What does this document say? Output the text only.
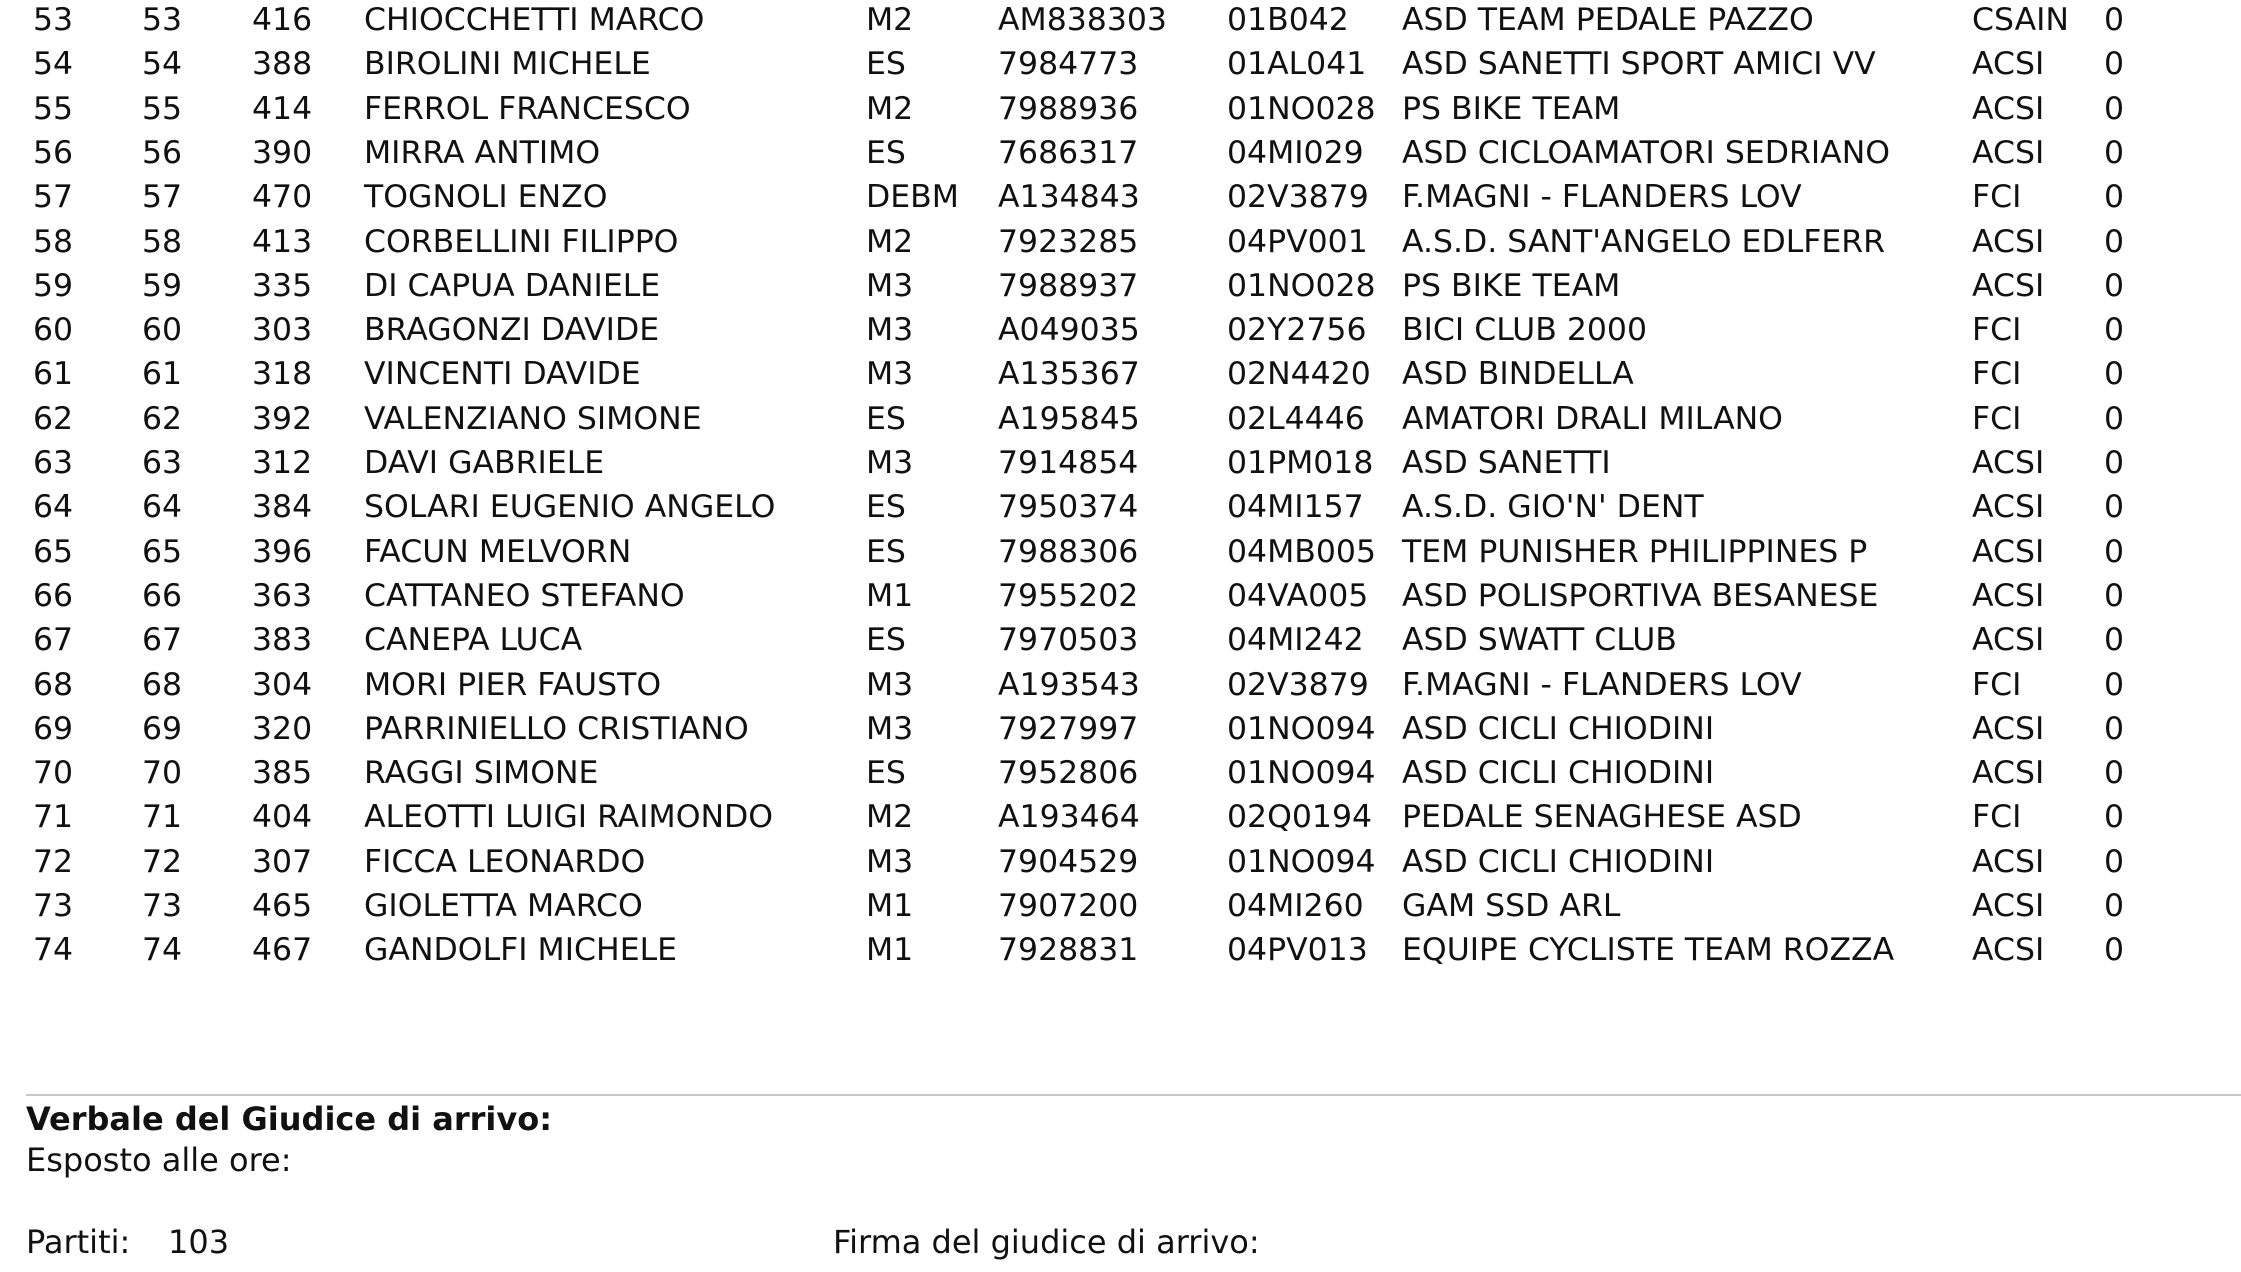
53 53 416 CHIOCCHETTI MARCO	M2	AM838303 01B042 ASD TEAM PEDALE PAZZO	CSAIN 0
54 54 388 BIROLINI MICHELE	ES	7984773	01AL041 ASD SANETTI SPORT AMICI VV	ACSI 0
55 55 414 FERROL FRANCESCO	M2	7988936	01NO028 PS BIKE TEAM	ACSI 0
56 56 390 MIRRA ANTIMO	ES	7686317	04MI029 ASD CICLOAMATORI SEDRIANO	ACSI 0
57 57 470 TOGNOLI ENZO	DEBM A134843	02V3879 F.MAGNI - FLANDERS LOV	FCI	0
58 58 413 CORBELLINI FILIPPO	M2	7923285	04PV001 A.S.D. SANT'ANGELO EDLFERR	ACSI 0
59 59 335 DI CAPUA DANIELE	M3	7988937	01NO028 PS BIKE TEAM	ACSI 0
60 60 303 BRAGONZI DAVIDE	M3	A049035	02Y2756 BICI CLUB 2000	FCI	0
61 61 318 VINCENTI DAVIDE	M3	A135367	02N4420 ASD BINDELLA	FCI	0
62 62 392 VALENZIANO SIMONE	ES	A195845	02L4446 AMATORI DRALI MILANO	FCI	0
63 63 312 DAVI GABRIELE	M3	7914854	01PM018 ASD SANETTI	ACSI 0
64 64 384 SOLARI EUGENIO ANGELO	ES	7950374	04MI157 A.S.D. GIO'N' DENT	ACSI 0
65 65 396 FACUN MELVORN	ES	7988306	04MB005 TEM PUNISHER PHILIPPINES P	ACSI 0
66 66 363 CATTANEO STEFANO	M1	7955202	04VA005 ASD POLISPORTIVA BESANESE	ACSI 0
67 67 383 CANEPA LUCA	ES	7970503	04MI242 ASD SWATT CLUB	ACSI 0
68 68 304 MORI PIER FAUSTO	M3	A193543	02V3879 F.MAGNI - FLANDERS LOV	FCI	0
69 69 320 PARRINIELLO CRISTIANO	M3	7927997	01NO094 ASD CICLI CHIODINI	ACSI 0
70 70 385 RAGGI SIMONE	ES	7952806	01NO094 ASD CICLI CHIODINI	ACSI 0
71 71 404 ALEOTTI LUIGI RAIMONDO	M2	A193464	02Q0194 PEDALE SENAGHESE ASD	FCI	0
72 72 307 FICCA LEONARDO	M3	7904529	01NO094 ASD CICLI CHIODINI	ACSI 0
73 73 465 GIOLETTA MARCO	M1	7907200	04MI260 GAM SSD ARL	ACSI 0
74 74 467 GANDOLFI MICHELE	M1	7928831	04PV013 EQUIPE CYCLISTE TEAM ROZZA ACSI 0
Verbale del Giudice di arrivo:
Esposto alle ore:
Partiti: 103	Firma del giudice di arrivo:
